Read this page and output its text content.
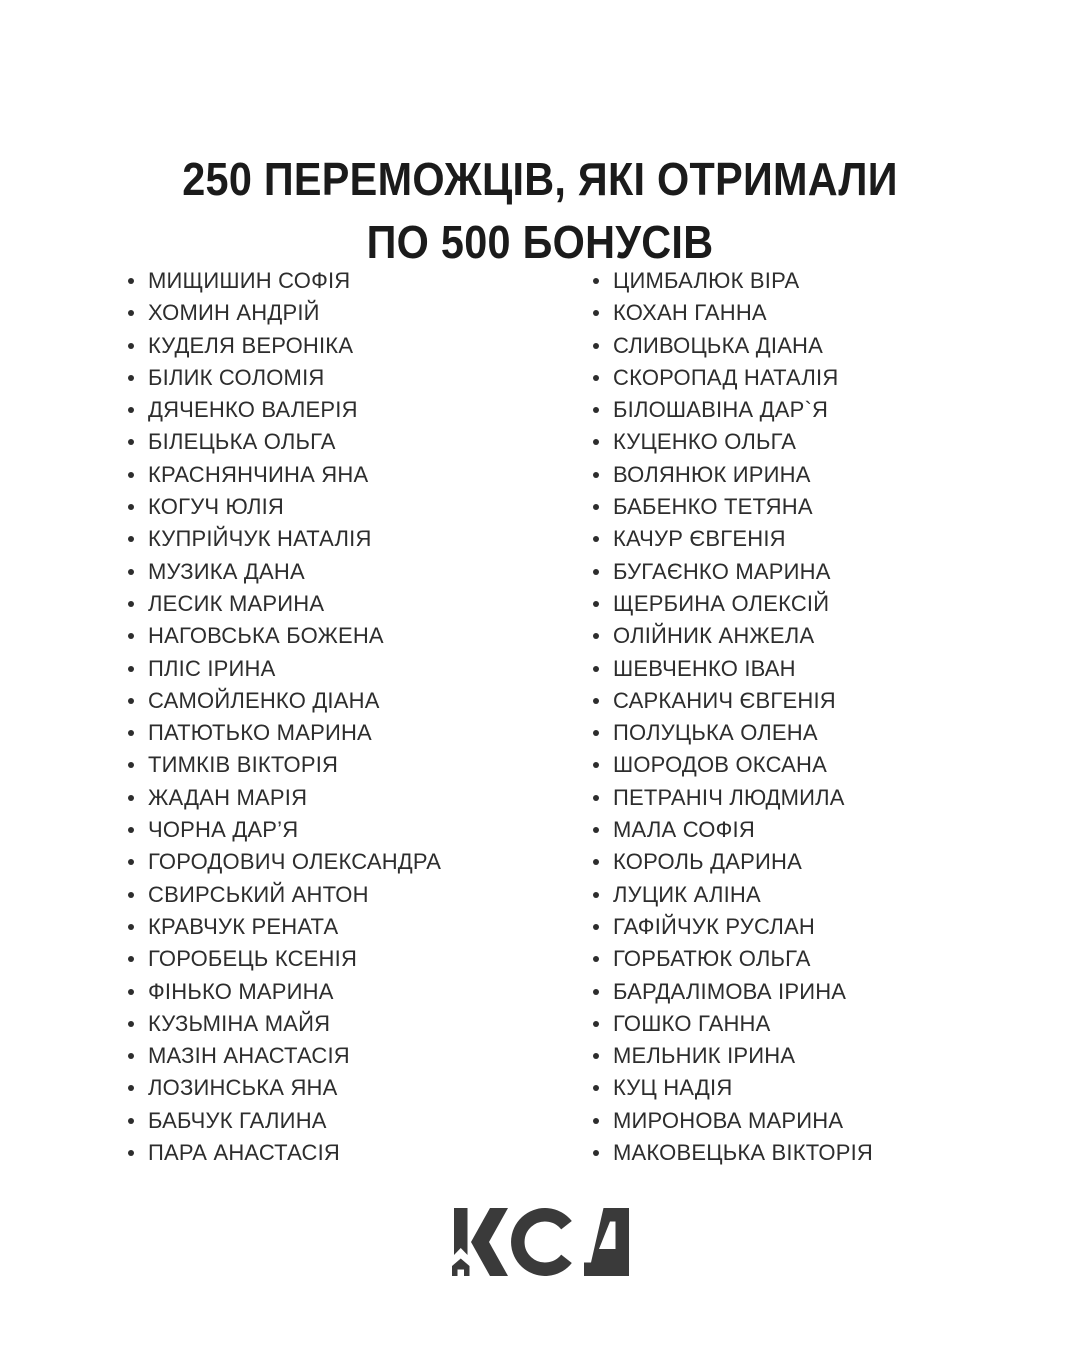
250 ПЕРЕМОЖЦІВ, ЯКІ ОТРИМАЛИ
ПО 500 БОНУСІВ
МИЩИШИН СОФІЯ
ХОМИН АНДРІЙ
КУДЕЛЯ ВЕРОНІКА
БІЛИК СОЛОМІЯ
ДЯЧЕНКО ВАЛЕРІЯ
БІЛЕЦЬКА ОЛЬГА
КРАСНЯНЧИНА ЯНА
КОГУЧ ЮЛІЯ
КУПРІЙЧУК НАТАЛІЯ
МУЗИКА ДАНА
ЛЕСИК МАРИНА
НАГОВСЬКА БОЖЕНА
ПЛІС ІРИНА
САМОЙЛЕНКО ДІАНА
ПАТЮТЬКО МАРИНА
ТИМКІВ ВІКТОРІЯ
ЖАДАН МАРІЯ
ЧОРНА ДАР’Я
ГОРОДОВИЧ ОЛЕКСАНДРА
СВИРСЬКИЙ АНТОН
КРАВЧУК РЕНАТА
ГОРОБЕЦЬ КСЕНІЯ
ФІНЬКО МАРИНА
КУЗЬМІНА МАЙЯ
МАЗІН АНАСТАСІЯ
ЛОЗИНСЬКА ЯНА
БАБЧУК ГАЛИНА
ПАРА АНАСТАСІЯ
ЦИМБАЛЮК ВІРА
КОХАН ГАННА
СЛИВОЦЬКА ДІАНА
СКОРОПАД НАТАЛІЯ
БІЛОШАВІНА ДАР`Я
КУЦЕНКО ОЛЬГА
ВОЛЯНЮК ИРИНА
БАБЕНКО ТЕТЯНА
КАЧУР ЄВГЕНІЯ
БУГАЄНКО МАРИНА
ЩЕРБИНА ОЛЕКСІЙ
ОЛІЙНИК АНЖЕЛА
ШЕВЧЕНКО ІВАН
САРКАНИЧ ЄВГЕНІЯ
ПОЛУЦЬКА ОЛЕНА
ШОРОДОВ ОКСАНА
ПЕТРАНІЧ ЛЮДМИЛА
МАЛА СОФІЯ
КОРОЛЬ ДАРИНА
ЛУЦИК АЛІНА
ГАФІЙЧУК РУСЛАН
ГОРБАТЮК ОЛЬГА
БАРДАЛІМОВА ІРИНА
ГОШКО ГАННА
МЕЛЬНИК ІРИНА
КУЦ НАДІЯ
МИРОНОВА МАРИНА
МАКОВЕЦЬКА ВІКТОРІЯ
